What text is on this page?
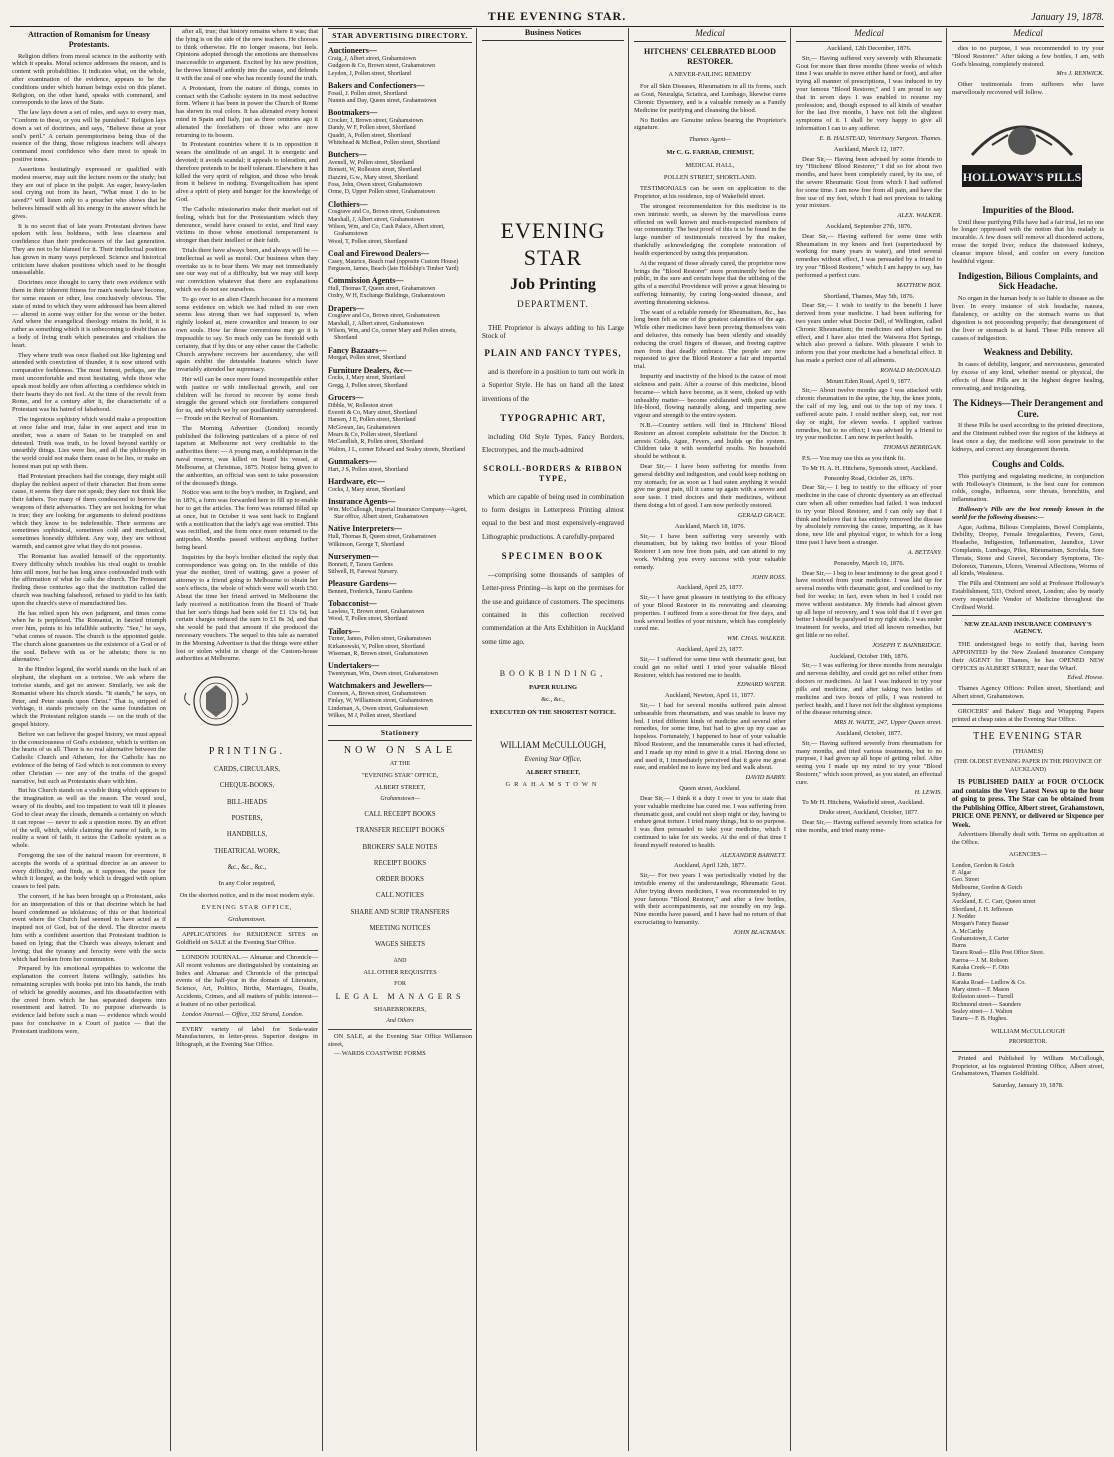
THE EVENING STAR.	January 19, 1878.
Attraction of Romanism for Uneasy Protestants.

Religion differs from moral science in the authority with which it speaks. Moral science addresses the reason, and is content with probabilities. It indicates what, on the whole, after examination of the evidence, appears to be the conditions under which human beings exist on this planet. Religion, on the other hand, speaks with command, and corresponds to the laws of the State.

The law lays down a set of rules, and says to every man, "Conform to these, or you will be punished." Religion lays down a set of doctrines, and says, "Believe these at your soul's peril." A certain peremptoriness being thus of the essence of the thing, those religious teachers will always command most confidence who dare most to speak in positive tones.

Assertions hesitatingly expressed or qualified with modest reserve, may suit the lecture room or the study; but they are out of place in the pulpit. An eager, heavy-laden soul crying out from its heart, "What must I do to be saved?" will listen only to a preacher who shows that he believes himself with all his energy in the answer which he gives.

It is no secret that of late years Protestant divines have spoken with less boldness, with less clearness and confidence than their predecessors of the last generation. They are not to be blamed for it. Their intellectual position has grown in many ways perplexed. Science and historical criticism have shaken positions which used to be thought unassailable.

Doctrines once thought to carry their own evidence with them in their inherent fitness for man's needs have become, for some reason or other, less conclusively obvious. The state of mind to which they were addressed has been altered — altered in some way either for the worse or the better. And where the evangelical theology retains its hold, it is rather as something which it is unbecoming to doubt than as a body of living truth which penetrates and vitalises the heart.

They where truth was once flashed out like lightning and attended with conviction of thunder, it is now uttered with comparative feebleness. The most honest, perhaps, are the most uncomfortable and most hesitating, while those who speak most boldly are often affecting a confidence which in their hearts they do not feel. At the time of the revolt from Rome, and for a century after it, the characteristic of a Protestant was his hatred of falsehood.

The ingenious sophistry which would make a proposition at once false and true, false in one aspect and true in another, was a snare of Satan to be trampled on and detested. Truth was truth, to be loved beyond earthly or unearthly things. Lies were lies, and all the philosophy in the world could not make them cease to be lies, or make an honest man put up with them.

Had Protestant preachers had the courage, they might still display the noblest aspect of their character. But from some cause, it seems they dare not speak; they dare not think like their fathers. Too many of them condescend to borrow the weapons of their adversaries. They are not looking for what is true; they are looking for arguments to defend positions which they know to be indefensible. Their sermons are sometimes sophistical, sometimes cold and mechanical, sometimes honestly diffident. Any way, they are without warmth, and cannot give what they do not possess.

The Romanist has availed himself of the opportunity. Every difficulty which troubles his rival ought to trouble him still more, but he has long since confounded truth with the affirmation of what he calls the church. The Protestant finding these centuries ago that the institution called the church was teaching falsehood, refused to yield to his faith upon the church's sieve of manufactured lies.

He has relied upon his own judgment, and times come when he is perplexed. The Romanist, in fancied triumph over him, points to his infallible authority. "See," he says, "what comes of reason. The church is the appointed guide. The church alone guarantees us the existence of a God or of the soul. Believe with us or be atheists; there is no alternative."

In the Hindoo legend, the world stands on the back of an elephant, the elephant on a tortoise. We ask where the tortoise stands, and get no answer. Similarly, we ask the Romanist where his church stands. "It stands," he says, on Peter, and Peter stands upon Christ." That is, stripped of verbiage, it stands precisely on the same foundation on which the Protestant religion stands — on the truth of the gospel history.

Before we can believe the gospel history, we must appeal to the consciousness of God's existence, which is written on the hearts of us all. There is no real alternative between the Catholic Church and Atheism, for the Catholic has no evidence of the being of God which is not common to every other Christian — nor any of the truths of the gospel narrative, but such as Protestants share with him.

But his Church stands on a visible thing which appears to the imagination as well as the reason. The vexed soul, weary of its doubts, and too impatient to wait till it pleases God to clear away the clouds, demands a certainty on which it can repose — never to ask a question more. By an effort of the will, which, while claiming the name of faith, is in reality a want of faith, it seizes the Catholic system as a whole.

Foregoing the use of the natural reason for evermore, it accepts the words of a spiritual director as an answer to every difficulty, and finds, as it supposes, the peace for which it longed, as the body which is drugged with opium ceases to feel pain.

The convert, if he has been brought up a Protestant, asks for an interpretation of this or that doctrine which he had heard condemned as idolatrous; of this or that historical event where the Church had seemed to have acted as if inspired not of God, but of the devil. The director meets him with a confident assertion that Protestant tradition is based on lying; that the Church was always tolerant and loving; that the tyranny and ferocity were with the sects which had broken from her communion.

Prepared by his emotional sympathies to welcome the explanation the convert listens willingly, satisfies his remaining scruples with books put into his hands, the truth of which he greedily assumes, and his dissatisfaction with the creed from which he has separated deepens into resentment and hatred. To no purpose afterwards is evidence laid before such a man — evidence which would pass for conclusive in a Court of justice — that the Protestant traditions were,

after all, true; that history remains where it was; that the lying is on the side of the new teachers. He chooses to think otherwise. He no longer reasons, but feels. Opinions adopted through the emotions are themselves inaccessible to argument. Excited by his new position, he throws himself ardently into the cause, and defends it with the zeal of one who has recently found the truth.

A Protestant, from the nature of things, comes in contact with the Catholic system in its most seductive form. Where it has been in power the Church of Rome has shown its real colors. It has alienated every honest mind in Spain and Italy, just as three centuries ago it alienated the forefathers of those who are now returning to its bosom.

In Protestant countries where it is in opposition it wears the similitude of an angel. It is energetic and devoted; it avoids scandal; it appeals to toleration, and therefore pretends to be itself tolerant. Elsewhere it has killed the very spirit of religion, and those who break from it believe in nothing. Evangelicalism has spent alive a spirit of piety and hunger for the knowledge of God.

The Catholic missionaries make their market out of feeling, which but for the Protestantism which they denounce, would have ceased to exist, and find easy victims in those whose emotional temperament is stronger than their intellect or their faith.

Trials there have always been, and always will be — intellectual as well as moral. Our business when they overtake us is to bear them. We may not immediately see our way out of a difficulty, but we may still keep our conviction whatever that there are explanations which we do not see ourselves.

To go over to an alien Church because for a moment some evidence on which we had relied in our own seems less strong than we had supposed is, when rightly looked at, mere cowardice and treason to our own souls. How far those conversions may go it is impossible to say. So much only can be foretold with certainty, that if by this or any other cause the Catholic Church anywhere recovers her ascendancy, she will again exhibit the detestable features which have invariably attended her supremacy.

Her will can be once more found incompatible either with justice or with intellectual growth, and our children will be forced to recover by some fresh struggle the ground which our forefathers conquered for us, and which we by our pusillanimity surrendered. — Froude on the Revival of Romanism.

The Morning Advertiser (London) recently published the following particulars of a piece of red tapeism at Melbourne not very creditable to the authorities there: — A young man, a midshipman in the naval reserve, was killed on board his vessel, at Melbourne, at Christmas, 1875. Notice being given to the authorities, an official was sent to take possession of the deceased's things.

Notice was sent to the boy's mother, in England, and in 1876, a form was forwarded here to fill up to enable her to get the articles. The form was returned filled up at once, but in October it was sent back to England with a notification that the lady's age was omitted. This was rectified, and the form once more returned to the antipodes. Months passed without anything further being heard.

Inquiries by the boy's brother elicited the reply that correspondence was going on. In the middle of this year the mother, tired of waiting, gave a power of attorney to a friend going to Melbourne to obtain her son's effects, the whole of which were well worth £50. About the time her friend arrived in Melbourne the lady received a notification from the Board of Trade that her son's things had been sold for £1 13s 6d, but certain charges reduced the sum to £1 8s 3d, and that she would be paid that amount if she produced the necessary vouchers. The sequel to this tale as narrated in the Morning Advertiser is that the things were either lost or stolen whilst in charge of the Custom-house authorities at Melbourne.

PRINTING.
CARDS, CIRCULARS,
CHEQUE-BOOKS,
BILL-HEADS
POSTERS,
HANDBILLS,
THEATRICAL WORK,
&c., &c., &c.,
In any Color required,
On the shortest notice, and in the most modern style.
EVENING STAR OFFICE,
Grahamstown.

APPLICATIONS for RESIDENCE SITES on Goldfield on SALE at the Evening Star Office.

LONDON JOURNAL.— Almanac and Chronicle— All recent volumes are distinguished by containing an Index and Almanac and Chronicle of the principal events of the half-year in the domain of Literature, Science, Art, Politics, Births, Marriages, Deaths, Accidents, Crimes, and all matters of public interest— a feature of no other periodical.

London Journal.— Office, 332 Strand, London.

EVERY variety of label for Soda-water Manufacturers, in letter-press. Superior designs in lithograph, at the Evening Star Office.

STAR ADVERTISING DIRECTORY.
Auctioneers—
Craig, J, Albert street, Grahamstown
Gudgeon & Co, Brown street, Grahamstown
Leydon, J, Pollen street, Shortland
Bakers and Confectioners—
Fossil, J. Pollen street, Shortland
Nunnis and Day, Queen street, Grahamstown
Bootmakers—
Crocker, J, Brown street, Grahamstown
Dandy, W F, Pollen street, Shortland
Quadri, A, Pollen street, Shortland
Whitehead & McBeat, Pollen street, Shortland
Butchers—
Avenell, W, Pollen street, Shortland
Bonsett, W, Rolleston street, Shortland
Dazzini, G.w., Mary street, Shortland
Foss, John, Owen street, Grahamstown
Orme, D, Upper Pollen street, Grahamstown
Clothiers—
Cosgrave and Co, Brown street, Grahamstown
Marshall, J, Albert street, Grahamstown
Wilson, Wm, and Co, Cash Palace, Albert street, Grahamstown
Wood, T, Pollen street, Shortland
Coal and Firewood Dealers—
Casey, Maurice, Beach road (opposite Custom House)
Ferguson, James, Beach (late Holdship's Timber Yard)
Commission Agents—
Hull, Thomas T, Queen street, Grahamstown
Ozdry, W H, Exchange Buildings, Grahamstown
Drapers—
Cosgrave and Co, Brown street, Grahamstown
Marshall, J, Albert street, Grahamstown
Wilson, Wm, and Co, corner Mary and Pollen streets, Shortland
Fancy Bazaars—
Morgan, Pollen street, Shortland
Furniture Dealers, &c—
Cocks, J, Mary street, Shortland
Gregg, J, Pollen street, Shortland
Grocers—
Dibble, W, Rolleston street
Everett & Co, Mary street, Shortland
Hansen, J E, Pollen street, Shortland
McGowan, Jas, Grahamstown
Mears & Co, Pollen street, Shortland
McCandlish, R, Pollen street, Shortland
Walton, J L, corner Edward and Sealey streets, Shortland
Gunmakers—
Hart, J S, Pollen street, Shortland
Hardware, etc—
Cocks, J, Mary street, Shortland
Insurance Agents—
Wm. McCullough, Imperial Insurance Company—Agent, Star office, Albert street, Grahamstown
Native Interpreters—
Hull, Thomas B, Queen street, Grahamstown
Wilkinson, George T, Shortland
Nurserymen—
Bonnett, F, Tararu Gardens
Stilwell, H, Farewai Nursery.
Pleasure Gardens—
Bennett, Frederick, Tararu Gardens
Tobacconist—
Lawless, T, Brown street, Grahamstown
Wood, T, Pollen street, Shortland
Tailors—
Turner, James, Pollen street, Grahamstown
Kirkanowski, V, Pollen street, Shortland
Wiseman, R, Brown street, Grahamstown
Undertakers—
Twentyman, Wm, Owen street, Grahamstown
Watchmakers and Jewellers—
Coorson, A, Brown street, Grahamstown
Finlay, W, Williamson street, Grahamstown
Lindeman, A, Owen street, Grahamstown
Wilkes, M J, Pollen street, Shortland
Stationery
NOW ON SALE
AT THE
"EVENING STAR" OFFICE,
ALBERT STREET,
Grahamstown—
CALL RECEIPT BOOKS
TRANSFER RECEIPT BOOKS
BROKERS' SALE NOTES
RECEIPT BOOKS
ORDER BOOKS
CALL NOTICES
SHARE AND SCRIP TRANSFERS
MEETING NOTICES
WAGES SHEETS
AND
ALL OTHER REQUISITES
FOR
LEGAL MANAGERS
SHAREBROKERS,
And Others

ON SALE, at the Evening Star Office Willamson street,

— WARDS COASTWISE FORMS

Business Notices
EVENING STAR
Job Printing
DEPARTMENT.

THE Proprietor is always adding to his Large Stock of

PLAIN AND FANCY TYPES,

and is therefore in a position to turn out work in a Superior Style. He has on hand all the latest inventions of the

TYPOGRAPHIC ART,

including Old Style Types, Fancy Borders, Electrotypes, and the much-admired

SCROLL-BORDERS & RIBBON TYPE,

which are capable of being used in combination to form designs in Letterpress Printing almost equal to the best and most expensively-engraved Lithographic productions. A carefully-prepared

SPECIMEN BOOK

—comprising some thousands of samples of Letter-press Printing—is kept on the premises for the use and guidance of customers. The specimens contained in this collection received commendation at the Arts Exhibition in Auckland some time ago.

BOOKBINDING,
PAPER RULING
&c., &c.,
EXECUTED ON THE SHORTEST NOTICE.
WILLIAM McCULLOUGH,
Evening Star Office,
ALBERT STREET,
GRAHAMSTOWN
Medical
HITCHENS' CELEBRATED BLOOD RESTORER.
A NEVER-FAILING REMEDY

For all Skin Diseases, Rheumatism in all its forms, such as Gout, Neuralgia, Sciatica, and Lumbago, likewise cures Chronic Dysentery, and is a valuable remedy as a Family Medicine for purifying and cleansing the blood.

No Bottles are Genuine unless bearing the Proprietor's signature.

Thames Agent—
Mr C. G. FARRAR, CHEMIST,
MEDICAL HALL,
POLLEN STREET, SHORTLAND.

TESTIMONIALS can be seen on application to the Proprietor, at his residence, top of Wakefield street.

The strongest recommendation for this medicine is its own intrinsic worth, as shown by the marvellous cures effected on well known and much-respected members of our community. The best proof of this is to be found in the large number of testimonials received by the maker, thankfully acknowledging the complete restoration of health experienced by using this preparation.

At the request of those already cured, the proprietor now brings the "Blood Restorer" more prominently before the public, in the sure and certain hope that the utilising of the gifts of a merciful Providence will prove a great blessing to suffering humanity, by curing long-seated disease, and averting threatening sickness.

The want of a reliable remedy for Rheumatism, &c., has long been felt as one of the greatest calamities of the age. While other medicines have been proving themselves vain and delusive, this remedy has been silently and steadily reducing the cruel fingers of disease, and freeing captive men from that deadly embrace. The people are now requested to give the Blood Restorer a fair and impartial trial.

Impurity and inactivity of the blood is the cause of most sickness and pain. After a course of this medicine, blood became— which have become, as it were, choked up with unhealthy matter— become exhilarated with pure scarlet life-blood, flowing naturally along, and imparting new vigour and strength to the entire system.

N.B.—Country settlers will find in Hitchens' Blood Restorer an almost complete substitute for the Doctor. It arrests Colds, Ague, Fevers, and builds up the system. Children take it with wonderful results. No household should be without it.

Dear Sir,— I have been suffering for months from general debility and indigestion, and could keep nothing on my stomach; for as soon as I had eaten anything it would give me great pain, till it came up again with a severe and sour taste. I tried doctors and their medicines, without them doing a bit of good. I am now perfectly restored.

GERALD GRACE.
Auckland, March 18, 1876.

Sir,— I have been suffering very severely with rheumatism, but by taking two bottles of your Blood Restorer I am now free from pain, and can attend to my work. Wishing you every success with your valuable remedy.

JOHN ROSS.
Auckland, April 25, 1877.

Sir,— I have great pleasure in testifying to the efficacy of your Blood Restorer in its renovating and cleansing properties. I suffered from a sore-throat for five days, and took several bottles of your mixture, which has completely cured me.

WM. CHAS. WALKER.
Auckland, April 23, 1877.

Sir,— I suffered for some time with rheumatic gout, but could get no relief until I tried your valuable Blood Restorer, which has restored me to health.

EDWARD WATER.
Auckland, Newton, April 11, 1877.

Sir,— I had for several months suffered pain almost unbearable from rheumatism, and was unable to leave my bed. I tried different kinds of medicine and several other remedies, for some time, but had to give up my case as hopeless. Fortunately, I happened to hear of your valuable Blood Restorer, and the innumerable cures it had effected, and I made up my mind to give it a trial. Having done so and used it, I immediately perceived that it gave me great ease, and enabled me to leave my bed and walk about.

DAVID BARRY.
Queen street, Auckland.

Dear Sir,— I think it a duty I owe to you to state that your valuable medicine has cured me. I was suffering from rheumatic gout, and could not sleep night or day, having to endure great torture. I tried many things, but to no purpose. I was then persuaded to take your medicine, which I continued to take for six weeks. At the end of that time I found myself restored to health.

ALEXANDER BARNETT.
Auckland, April 12th, 1877.

Sir,— For two years I was periodically visited by the invisible enemy of the understandings, Rheumatic Gout. After trying divers medicines, I was recommended to try your famous "Blood Restorer," and after a few bottles, with their accompaniments, sat me soundly on my legs. Nine months have passed, and I have had no return of that excruciating to humanity.

JOHN BLACKMAN.
Medical
Auckland, 12th December, 1876.

Sir,— Having suffered very severely with Rheumatic Gout for more than three months (three weeks of which time I was unable to move either hand or foot), and after trying all manner of prescriptions, I was induced to try your famous "Blood Restorer," and I am proud to say that in seven days I was enabled to resume my profession; and, though exposed to all kinds of weather for the last five months, I have not felt the slightest symptoms of it. I shall be very happy to give all information I can to any sufferer.

E. B. HALSTEAD, Veterinary Surgeon. Thames.
Auckland, March 12, 1877.

Dear Sir,— Having been advised by some friends to try "Hitchens' Blood Restorer," I did so for about two months, and have been completely cured, by its use, of the severe Rheumatic Gout from which I had suffered for some time. I am now free from all pain, and have the free use of my feet, which I had not previous to taking your mixture.

ALEX. WALKER.
Auckland, September 27th, 1876.

Dear Sir,— Having suffered for some time with Rheumatism in my knees and feet (superinduced by working for many years in water), and tried several remedies without effect, I was persuaded by a friend to try your "Blood Restorer," which I am happy to say, has performed a perfect cure.

MATTHEW BOX.
Shortland, Thames, May 5th, 1876.

Dear Sir,— I wish to testify to the benefit I have derived from your medicine. I had been suffering for two years under what Doctor Dell, of Wellington, called Chronic Rheumatism; the medicines and others had no effect, and I have also tried the Waiwera Hot Springs, which also proved a failure. With pleasure I wish to inform you that your medicine had a beneficial effect. It has made a perfect cure of all ailments.

RONALD McDONALD.
Mount Eden Road, April 9, 1877.

Sir,— About twelve months ago I was attacked with chronic rheumatism in the spine, the hip, the knee joints, the calf of my leg, and out to the top of my toes. I suffered acute pain. I could neither sleep, eat, nor rest day or night, for eleven weeks. I applied various remedies, but to no effect; I was advised by a friend to try your medicine. I am now in perfect health.

THOMAS BERRIGAN.

P.S.— You may use this as you think fit.

To Mr H. A. H. Hitchens, Symonds street, Auckland.

Ponsonby Road, October 26, 1876.

Dear Sir,— I beg to testify to the efficacy of your medicine in the case of chronic dysentery as an effectual cure when all other remedies had failed. I was induced to try your Blood Restorer, and I can only say that I think and believe that it has entirely removed the disease by absolutely removing the cause, imparting, as it has done, new life and physical vigor, to which for a long time past I have been a stranger.

A. BETTANY.
Ponsonby, March 10, 1876.

Dear Sir,— I beg to bear testimony to the great good I have received from your medicine. I was laid up for several months with rheumatic gout, and confined to my bed for weeks; in fact, even when in bed I could not move without assistance. My friends had almost given up all hope of recovery, and I was told that if I ever got better I should be paralysed in my right side. I was under treatment for weeks, and tried all known remedies, but got little or no relief.

JOSEPH T. BAINBRIDGE.
Auckland, October 19th, 1876.

Sir,— I was suffering for three months from neuralgia and nervous debility, and could get no relief either from doctors or medicines. At last I was induced to try your pills and medicine, and after taking two bottles of medicine and two boxes of pills, I was restored to perfect health, and I have not felt the slightest symptoms of the disease returning since.

MRS H. WAITE, 247, Upper Queen street.
Auckland, October, 1877.

Sir,— Having suffered severely from rheumatism for many months, and tried various treatments, but to no purpose, I had given up all hope of getting relief. After seeing you I made up my mind to try your "Blood Restorer," which soon proved, as you stated, an effectual cure.

H. LEWIS.

To Mr H. Hitchens, Wakefield street, Auckland.

Drake street, Auckland, October, 1877.

Dear Sir,— Having suffered severely from sciatica for nine months, and tried many reme-

Medical

dies to no purpose, I was recommended to try your "Blood Restorer." After taking a few bottles, I am, with God's blessing, completely restored.

Mrs J. RENWICK.

Other testimonials from sufferers who have marvellously recovered will follow.

HOLLOWAY'S PILLS
Impurities of the Blood.

Until these purifying Pills have had a fair trial, let no one be longer oppressed with the notion that his malady is incurable. A few doses will remove all disordered actions, rouse the torpid liver, reduce the distressed kidneys, cleanse impure blood, and confer on every function healthful vigour.

Indigestion, Bilious Complaints, and Sick Headache.

No organ in the human body is so liable to disease as the liver. In every instance of sick headache, nausea, flatulency, or acidity on the stomach warns us that digestion is not proceeding properly; that derangement of the liver or stomach is at hand. These Pills remove all causes of indigestion.

Weakness and Debility.

In cases of debility, languor, and nervousness, generated by excess of any kind, whether mental or physical, the effects of these Pills are in the highest degree healing, renovating, and invigorating.

The Kidneys—Their Derangement and Cure.

If these Pills be used according to the printed directions, and the Ointment rubbed over the region of the kidneys at least once a day, the medicine will soon penetrate to the kidneys, and correct any derangement therein.

Coughs and Colds.

This purifying and regulating medicine, in conjunction with Holloway's Ointment, is the best cure for common colds, coughs, influenza, sore throats, bronchitis, and inflammation.

Holloway's Pills are the best remedy known in the world for the following diseases:—

Ague, Asthma, Bilious Complaints, Bowel Complaints, Debility, Dropsy, Female Irregularities, Fevers, Gout, Headache, Indigestion, Inflammation, Jaundice, Liver Complaints, Lumbago, Piles, Rheumatism, Scrofula, Sore Throats, Stone and Gravel, Secondary Symptoms, Tic-Doloreux, Tumours, Ulcers, Venereal Affections, Worms of all kinds, Weakness.

The Pills and Ointment are sold at Professor Holloway's Establishment, 533, Oxford street, London; also by nearly every respectable Vendor of Medicine throughout the Civilised World.

NEW ZEALAND INSURANCE COMPANY'S AGENCY.

THE undersigned begs to notify that, having been APPOINTED by the New Zealand Insurance Company their AGENT for Thames, he has OPENED NEW OFFICES in ALBERT STREET, near the Wharf.

Edwd. Howse.

Thames Agency Offices: Pollen street, Shortland; and Albert street, Grahamstown.

GROCERS' and Bakers' Bags and Wrapping Papers printed at cheap rates at the Evening Star Office.

THE EVENING STAR
(THAMES)
(THE OLDEST EVENING PAPER IN THE PROVINCE OF AUCKLAND)

IS PUBLISHED DAILY at FOUR O'CLOCK and contains the Very Latest News up to the hour of going to press. The Star can be obtained from the Publishing Office, Albert street, Grahamstown, PRICE ONE PENNY, or delivered or Sixpence per Week.

Advertisers liberally dealt with. Terms on application at the Office.

AGENCIES—
London, Gordon & Gotch
F. Algar
Geo. Street
Melbourne, Gordon & Gotch
Sydney,
Auckland, E. C. Carr, Queen street
Shortland, J. H. Jefferson
J. Nodder
Morgan's Fancy Bazaar
A. McCarthy
Grahamstown, J. Carter
Burns
Tararu Road— Ellis Post Office Store.
Paeroa— J. M. Robson
Karaka Creek— F. Otto
J. Burns
Karaka Road— Ludlow & Co.
Mary street— F. Mason
Rolleston street— Turrell
Richmond street— Saunders
Sealey street— J. Walton
Tararu— F. B. Hughes.
WILLIAM McCULLOUGH
PROPRIETOR.

Printed and Published by William McCullough, Proprietor, at his registered Printing Office, Albert street, Grahamstown, Thames Goldfield.

Saturday, January 19, 1878.
